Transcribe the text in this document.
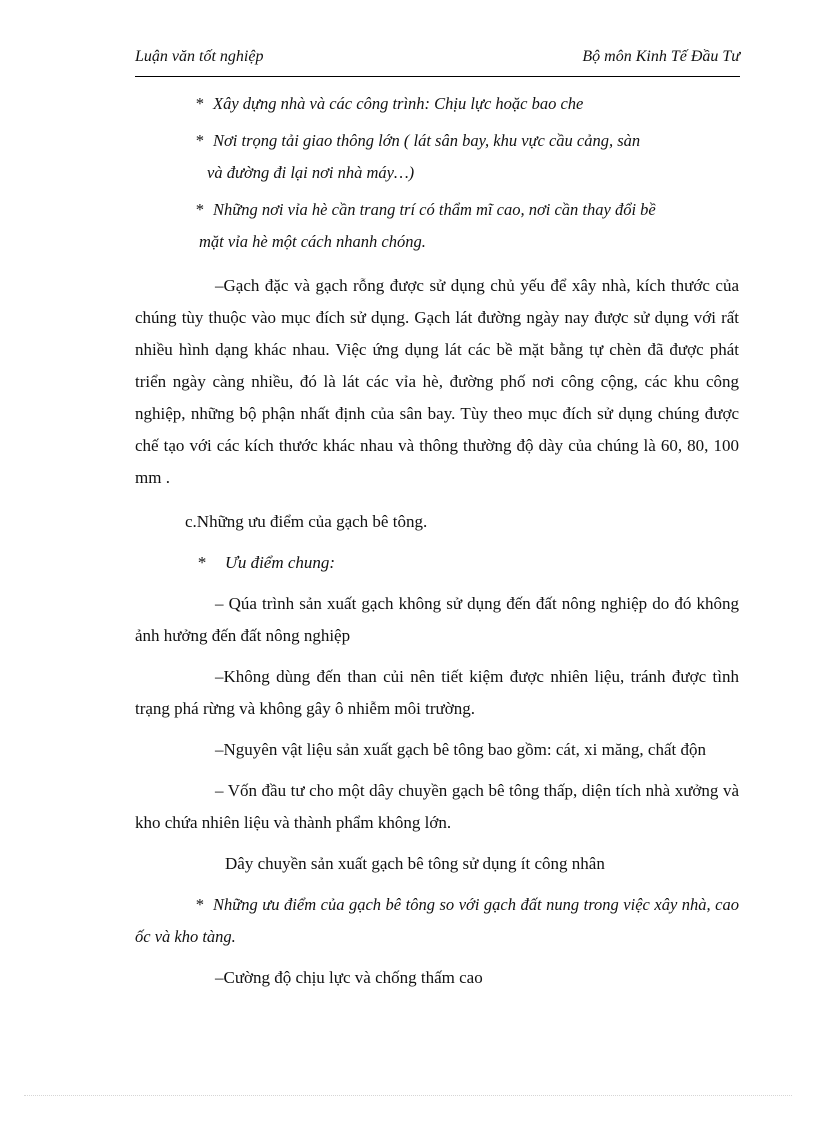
Luận văn tốt nghiệp	Bộ môn Kinh Tế Đầu Tư
* Xây dựng nhà và các công trình: Chịu lực hoặc bao che
* Nơi trọng tải giao thông lớn ( lát sân bay, khu vực cầu cảng, sàn
và đường đi lại nơi nhà máy…)
* Những nơi vỉa hè cần trang trí có thẩm mĩ cao, nơi cần thay đổi bề
mặt vỉa hè một cách nhanh chóng.

–Gạch đặc và gạch rỗng được sử dụng chủ yếu để xây nhà, kích thước của chúng tùy thuộc vào mục đích sử dụng. Gạch lát đường ngày nay được sử dụng với rất nhiều hình dạng khác nhau. Việc ứng dụng lát các bề mặt bằng tự chèn đã được phát triển ngày càng nhiều, đó là lát các vỉa hè, đường phố nơi công cộng, các khu công nghiệp, những bộ phận nhất định của sân bay. Tùy theo mục đích sử dụng chúng được chế tạo với các kích thước khác nhau và thông thường độ dày của chúng là 60, 80, 100 mm .

c.Những ưu điểm của gạch bê tông.

* Ưu điểm chung:

– Qúa trình sản xuất gạch không sử dụng đến đất nông nghiệp do đó không ảnh hưởng đến đất nông nghiệp

–Không dùng đến than củi nên tiết kiệm được nhiên liệu, tránh được tình trạng phá rừng và không gây ô nhiễm môi trường.

–Nguyên vật liệu sản xuất gạch bê tông bao gồm: cát, xi măng, chất độn

– Vốn đầu tư cho một dây chuyền gạch bê tông thấp, diện tích nhà xưởng và kho chứa nhiên liệu và thành phẩm không lớn.

Dây chuyền sản xuất gạch bê tông sử dụng ít công nhân

* Những ưu điểm của gạch bê tông so với gạch đất nung trong việc xây nhà, cao ốc và kho tàng.

–Cường độ chịu lực và chống thấm cao
